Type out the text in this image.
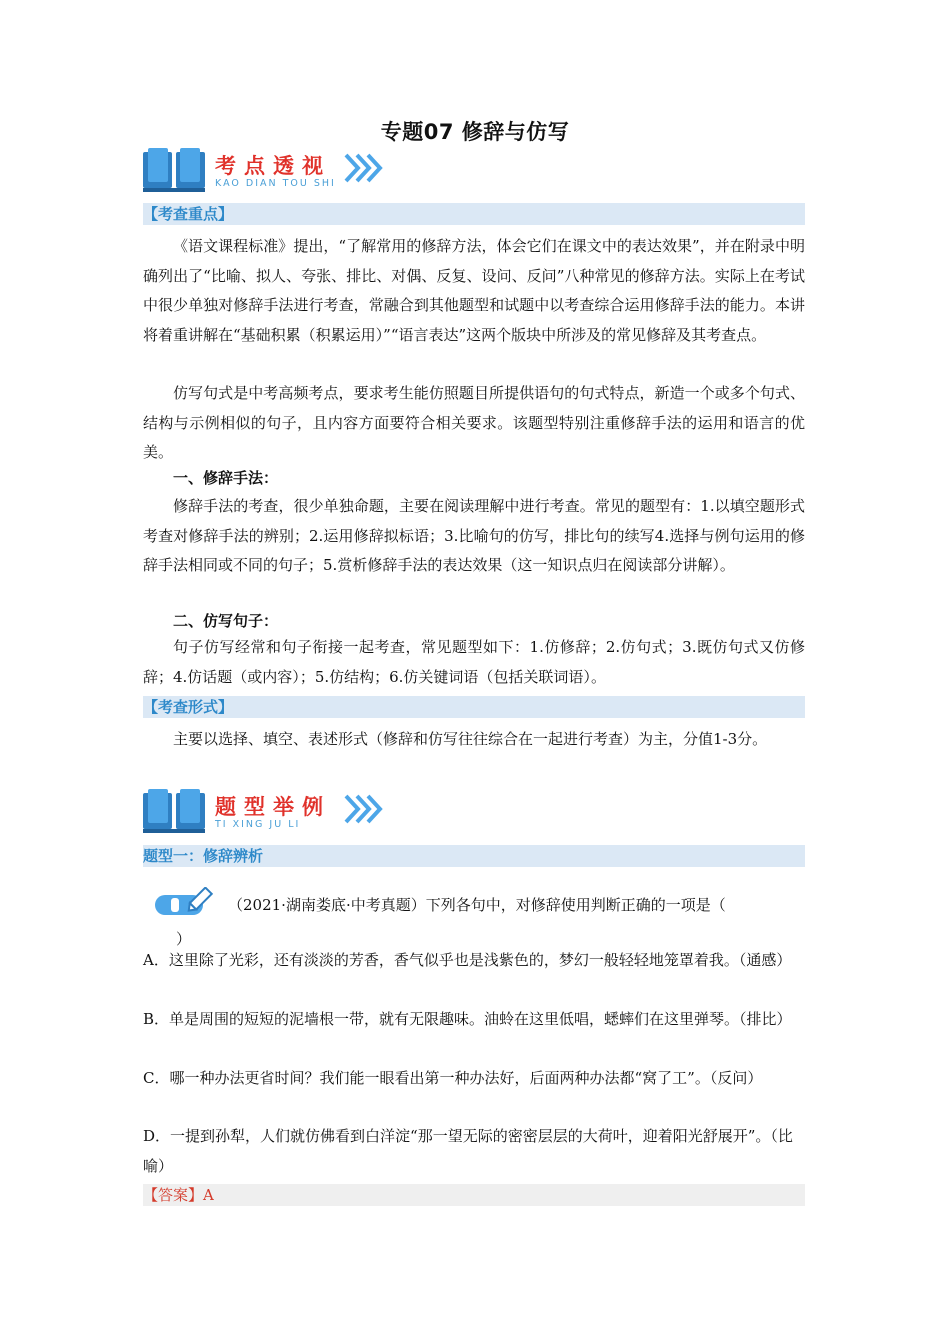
专题07 修辞与仿写
考点透视
KAO DIAN TOU SHI
【考查重点】

《语文课程标准》提出，“了解常用的修辞方法，体会它们在课文中的表达效果”，并在附录中明确列出了“比喻、拟人、夸张、排比、对偶、反复、设问、反问”八种常见的修辞方法。实际上在考试中很少单独对修辞手法进行考查，常融合到其他题型和试题中以考查综合运用修辞手法的能力。本讲将着重讲解在“基础积累（积累运用）”“语言表达”这两个版块中所涉及的常见修辞及其考查点。

仿写句式是中考高频考点，要求考生能仿照题目所提供语句的句式特点，新造一个或多个句式、结构与示例相似的句子，且内容方面要符合相关要求。该题型特别注重修辞手法的运用和语言的优美。

一、修辞手法：

修辞手法的考查，很少单独命题，主要在阅读理解中进行考查。常见的题型有：1.以填空题形式考查对修辞手法的辨别；2.运用修辞拟标语；3.比喻句的仿写，排比句的续写4.选择与例句运用的修辞手法相同或不同的句子；5.赏析修辞手法的表达效果（这一知识点归在阅读部分讲解）。

二、仿写句子：

句子仿写经常和句子衔接一起考查，常见题型如下：1.仿修辞；2.仿句式；3.既仿句式又仿修辞；4.仿话题（或内容）；5.仿结构；6.仿关键词语（包括关联词语）。

【考查形式】

主要以选择、填空、表述形式（修辞和仿写往往综合在一起进行考查）为主，分值1-3分。

题型举例
TI XING JU LI
题型一：修辞辨析
（2021·湖南娄底·中考真题）下列各句中，对修辞使用判断正确的一项是（
）

A．这里除了光彩，还有淡淡的芳香，香气似乎也是浅紫色的，梦幻一般轻轻地笼罩着我。（通感）

B．单是周围的短短的泥墙根一带，就有无限趣味。油蛉在这里低唱，蟋蟀们在这里弹琴。（排比）

C．哪一种办法更省时间？我们能一眼看出第一种办法好，后面两种办法都“窝了工”。（反问）

D．一提到孙犁，人们就仿佛看到白洋淀“那一望无际的密密层层的大荷叶，迎着阳光舒展开”。（比喻）

【答案】A
